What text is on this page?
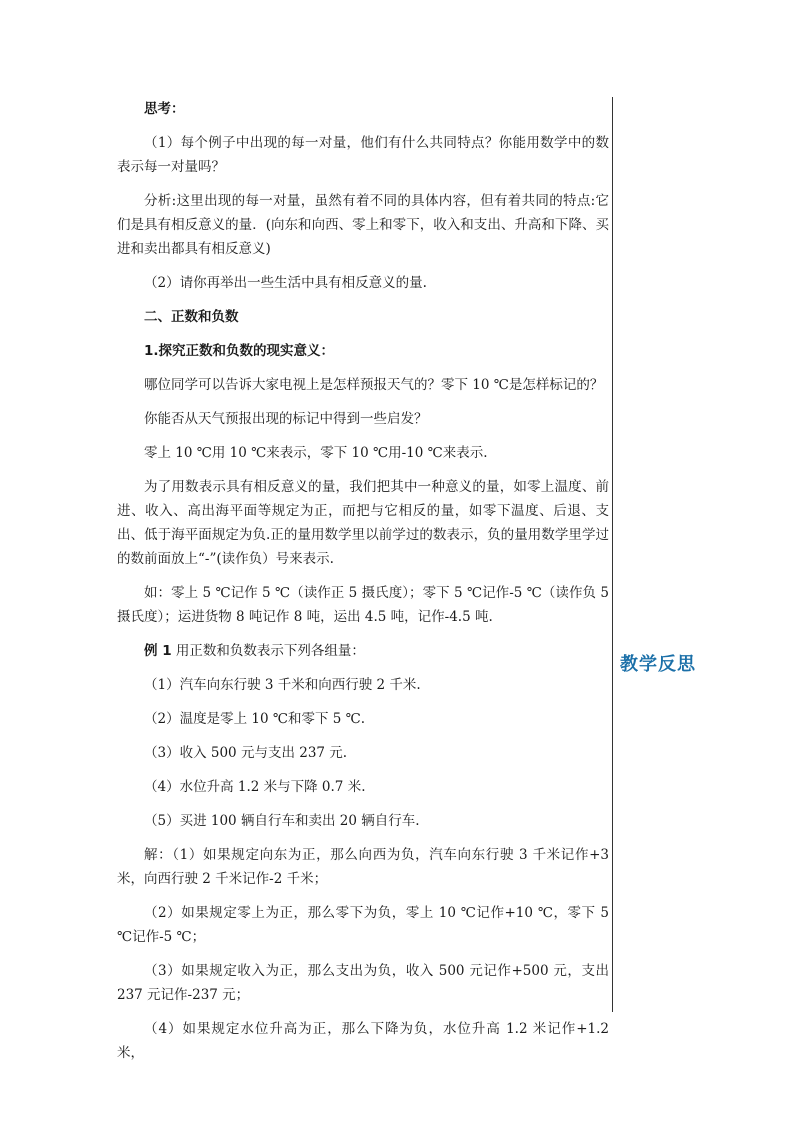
思考：

（1）每个例子中出现的每一对量，他们有什么共同特点？你能用数学中的数表示每一对量吗？

分析:这里出现的每一对量，虽然有着不同的具体内容，但有着共同的特点:它们是具有相反意义的量．(向东和向西、零上和零下，收入和支出、升高和下降、买进和卖出都具有相反意义)

（2）请你再举出一些生活中具有相反意义的量.

二、正数和负数

1.探究正数和负数的现实意义：

哪位同学可以告诉大家电视上是怎样预报天气的？零下 10 ℃是怎样标记的？

你能否从天气预报出现的标记中得到一些启发？

零上 10 ℃用 10 ℃来表示，零下 10 ℃用-10 ℃来表示.

为了用数表示具有相反意义的量，我们把其中一种意义的量，如零上温度、前进、收入、高出海平面等规定为正，而把与它相反的量，如零下温度、后退、支出、低于海平面规定为负.正的量用数学里以前学过的数表示，负的量用数学里学过的数前面放上“-”(读作负）号来表示.

如：零上 5 ℃记作 5 ℃（读作正 5 摄氏度）；零下 5 ℃记作-5 ℃（读作负 5 摄氏度）；运进货物 8 吨记作 8 吨，运出 4.5 吨，记作-4.5 吨.

例 1 用正数和负数表示下列各组量：

（1）汽车向东行驶 3 千米和向西行驶 2 千米.

（2）温度是零上 10 ℃和零下 5 ℃.

（3）收入 500 元与支出 237 元.

（4）水位升高 1.2 米与下降 0.7 米.

（5）买进 100 辆自行车和卖出 20 辆自行车.

解：（1）如果规定向东为正，那么向西为负，汽车向东行驶 3 千米记作+3 米，向西行驶 2 千米记作-2 千米；

（2）如果规定零上为正，那么零下为负，零上 10 ℃记作+10 ℃，零下 5 ℃记作-5 ℃；

（3）如果规定收入为正，那么支出为负，收入 500 元记作+500 元，支出 237 元记作-237 元；

（4）如果规定水位升高为正，那么下降为负，水位升高 1.2 米记作+1.2 米，

教学反思
